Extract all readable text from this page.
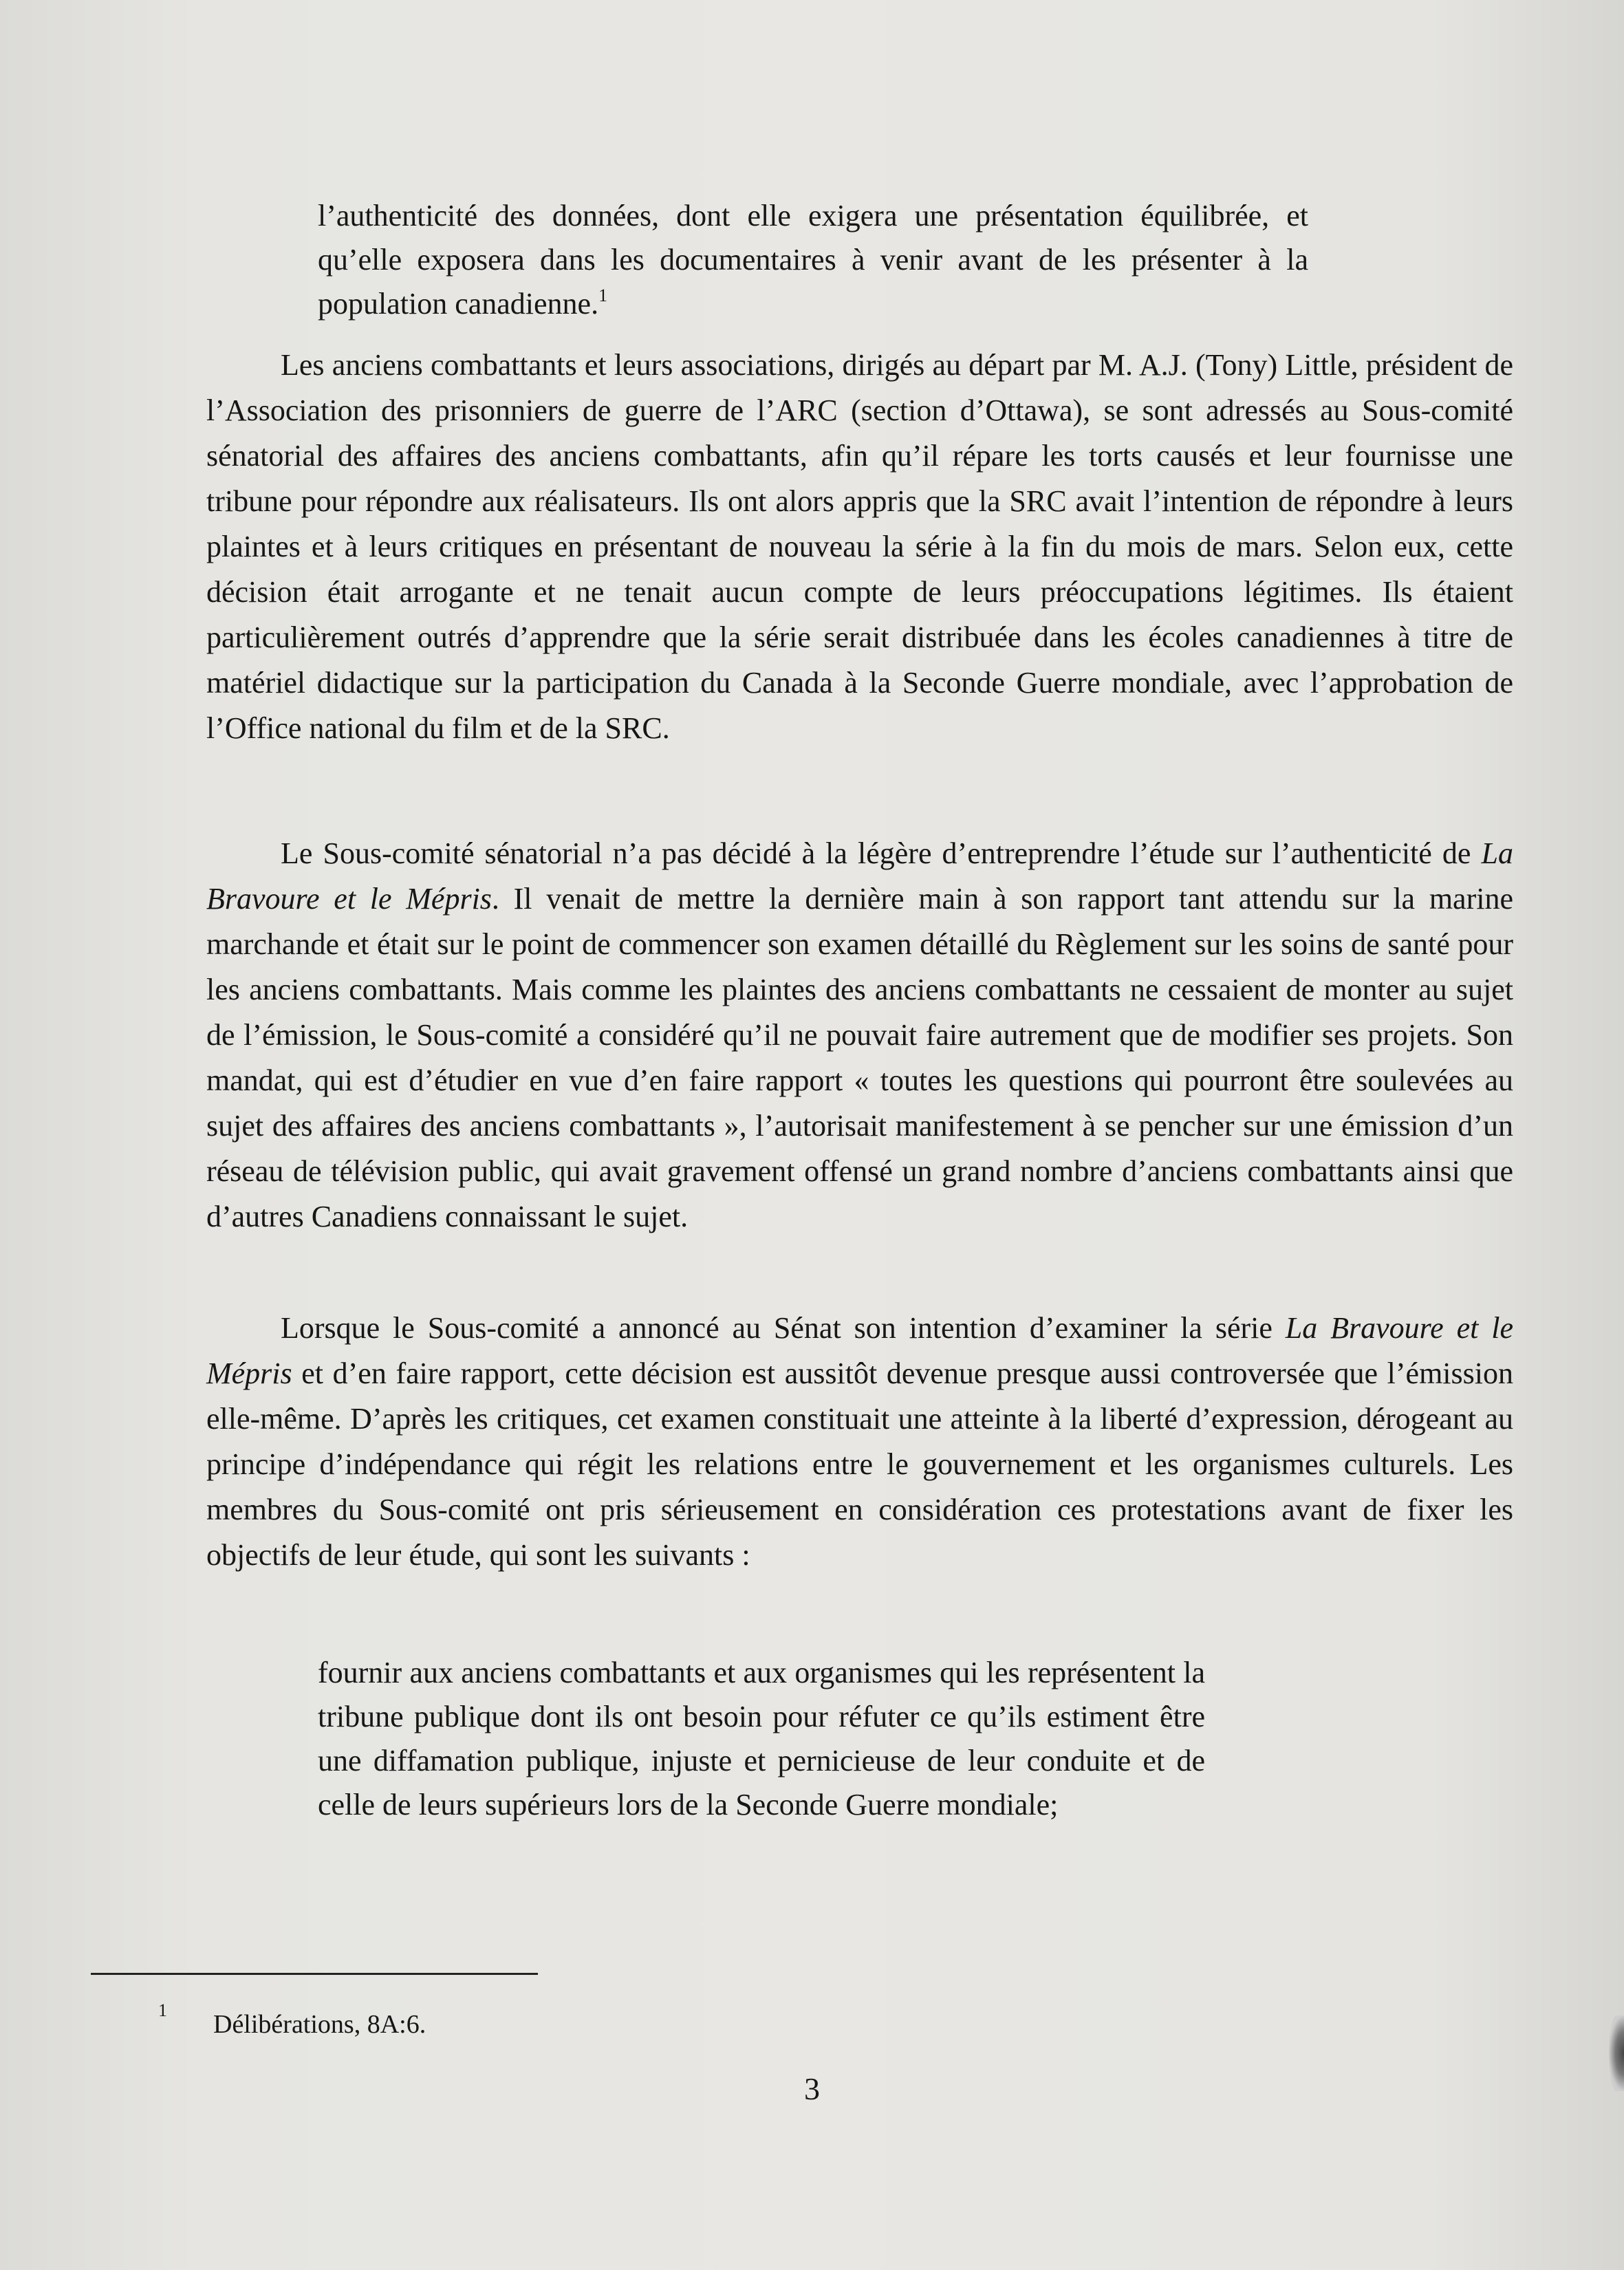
l’authenticité des données, dont elle exigera une présentation équilibrée, et qu’elle exposera dans les documentaires à venir avant de les présenter à la population canadienne.$^1$

Les anciens combattants et leurs associations, dirigés au départ par M. A.J. (Tony) Little, président de l’Association des prisonniers de guerre de l’ARC (section d’Ottawa), se sont adressés au Sous-comité sénatorial des affaires des anciens combattants, afin qu’il répare les torts causés et leur fournisse une tribune pour répondre aux réalisateurs. Ils ont alors appris que la SRC avait l’intention de répondre à leurs plaintes et à leurs critiques en présentant de nouveau la série à la fin du mois de mars. Selon eux, cette décision était arrogante et ne tenait aucun compte de leurs préoccupations légitimes. Ils étaient particulièrement outrés d’apprendre que la série serait distribuée dans les écoles canadiennes à titre de matériel didactique sur la participation du Canada à la Seconde Guerre mondiale, avec l’approbation de l’Office national du film et de la SRC.

Le Sous-comité sénatorial n’a pas décidé à la légère d’entreprendre l’étude sur l’authenticité de La Bravoure et le Mépris. Il venait de mettre la dernière main à son rapport tant attendu sur la marine marchande et était sur le point de commencer son examen détaillé du Règlement sur les soins de santé pour les anciens combattants. Mais comme les plaintes des anciens combattants ne cessaient de monter au sujet de l’émission, le Sous-comité a considéré qu’il ne pouvait faire autrement que de modifier ses projets. Son mandat, qui est d’étudier en vue d’en faire rapport « toutes les questions qui pourront être soulevées au sujet des affaires des anciens combattants », l’autorisait manifestement à se pencher sur une émission d’un réseau de télévision public, qui avait gravement offensé un grand nombre d’anciens combattants ainsi que d’autres Canadiens connaissant le sujet.

Lorsque le Sous-comité a annoncé au Sénat son intention d’examiner la série La Bravoure et le Mépris et d’en faire rapport, cette décision est aussitôt devenue presque aussi controversée que l’émission elle-même. D’après les critiques, cet examen constituait une atteinte à la liberté d’expression, dérogeant au principe d’indépendance qui régit les relations entre le gouvernement et les organismes culturels. Les membres du Sous-comité ont pris sérieusement en considération ces protestations avant de fixer les objectifs de leur étude, qui sont les suivants :

fournir aux anciens combattants et aux organismes qui les représentent la tribune publique dont ils ont besoin pour réfuter ce qu’ils estiment être une diffamation publique, injuste et pernicieuse de leur conduite et de celle de leurs supérieurs lors de la Seconde Guerre mondiale;

1 Délibérations, 8A:6.
3
